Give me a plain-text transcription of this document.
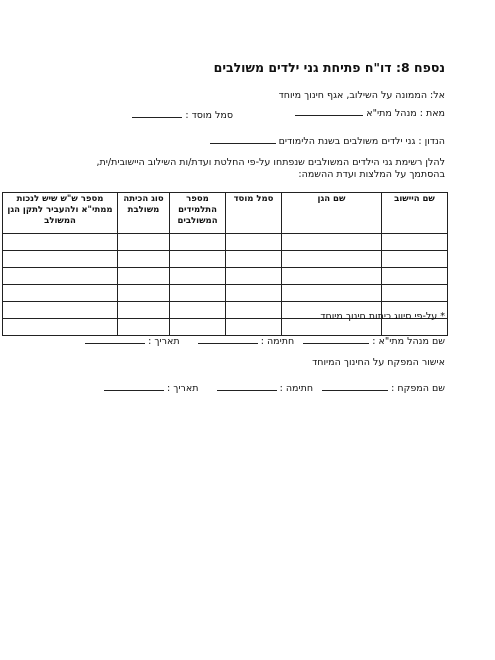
נספח 8: דו"ח פתיחת גני ילדים משולבים
אל: הממונה על השילוב, אגף חינוך מיוחד
מאת : מנהל מתי"א
סמל מוסד :
הנדון : גני ילדים משולבים בשנת הלימודים
להלן רשימת גני הילדים המשולבים שנפתחו על-פי החלטת ועדת/ות השילוב היישובית/ית,
בהסתמך על המלצות ועדת ההשמה:
שם היישוב	שם הגן	סמל מוסד	מספר התלמידים המשולבים	סוג הכיתה משולבת	מספר ש"ש שיש לנכות ממתי"א ולהעביר לתקן הגן המשולב

* על-פי סיווג כיתות חינוך מיוחד
שם מנהל מתי"א :    חתימה :       תאריך :
אישור המפקח על החינוך המיוחד
שם המפקח :    חתימה :       תאריך :
